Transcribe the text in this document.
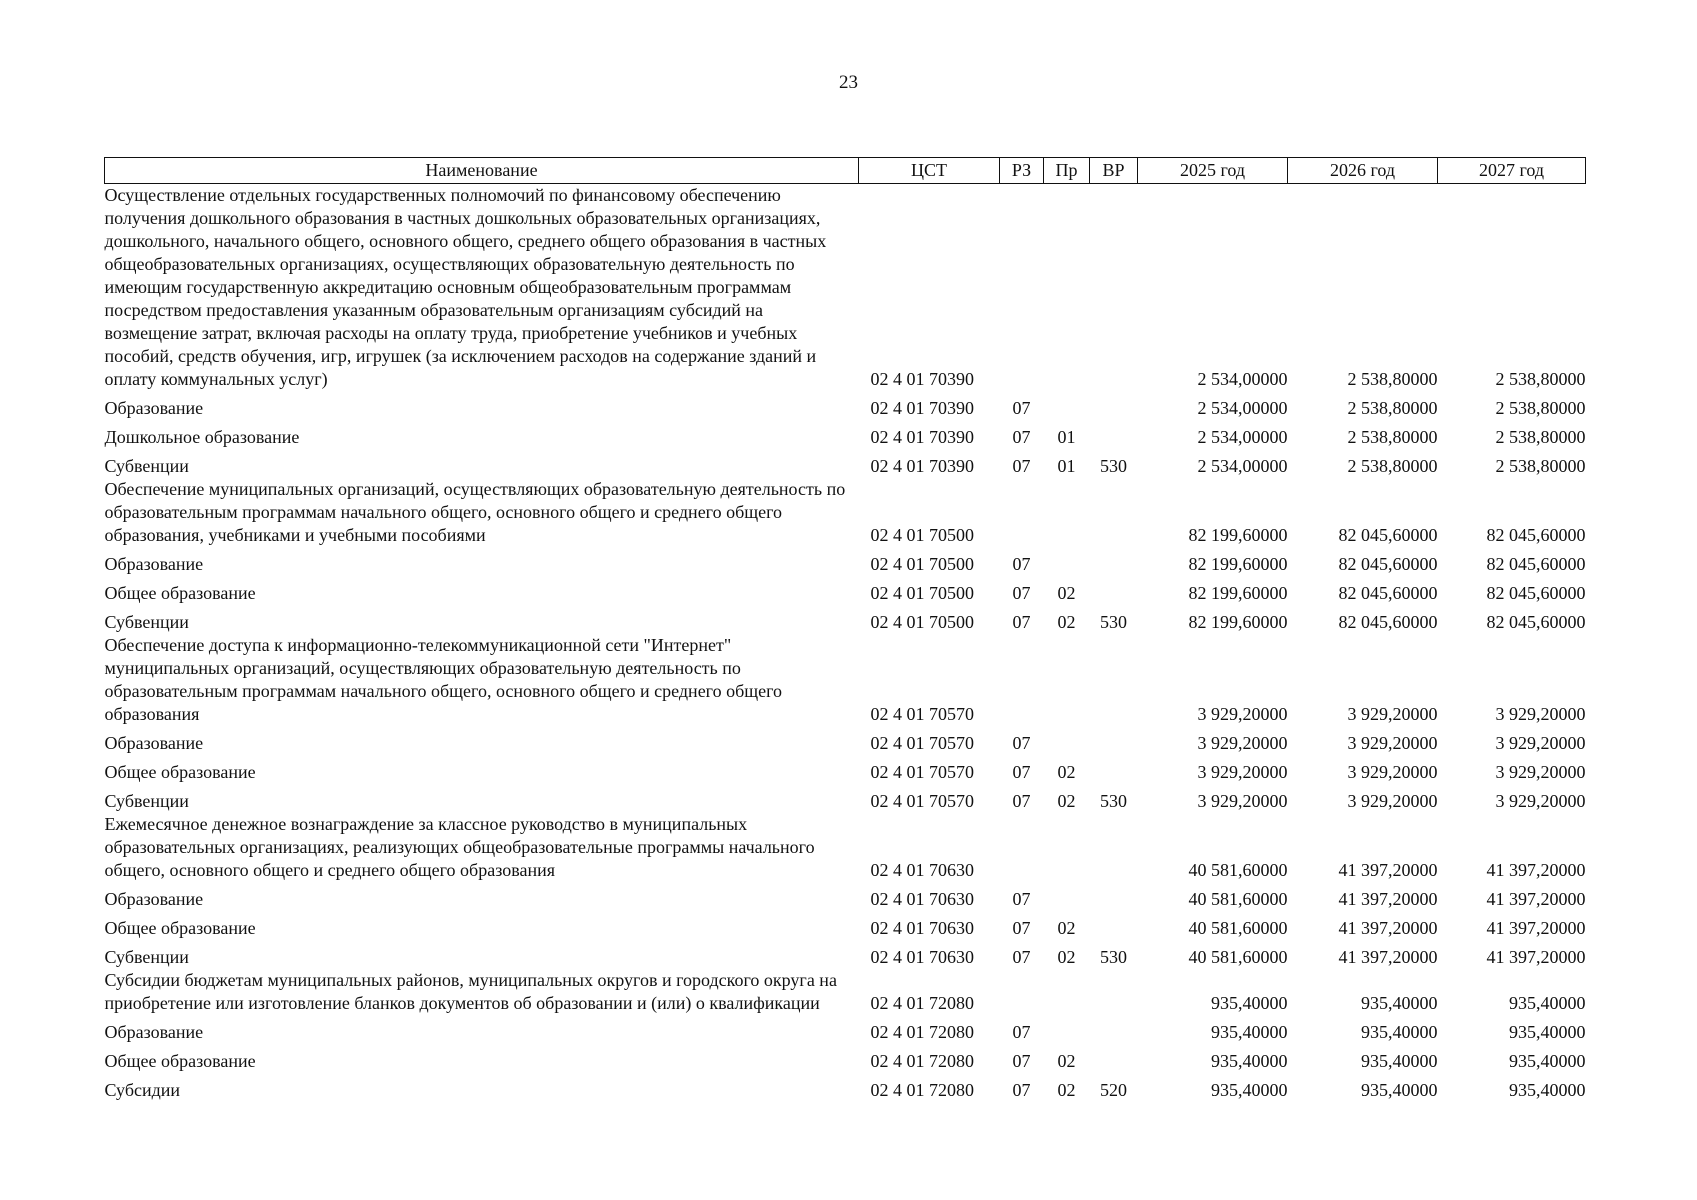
23
Наименование	ЦСТ	РЗ	Пр	ВР	2025 год	2026 год	2027 год
Осуществление отдельных государственных полномочий по финансовому обеспечению получения дошкольного образования в частных дошкольных образовательных организациях, дошкольного, начального общего, основного общего, среднего общего образования в частных общеобразовательных организациях, осуществляющих образовательную деятельность по имеющим государственную аккредитацию основным общеобразовательным программам посредством предоставления указанным образовательным организациям субсидий на возмещение затрат, включая расходы на оплату труда, приобретение учебников и учебных пособий, средств обучения, игр, игрушек (за исключением расходов на содержание зданий и оплату коммунальных услуг)	02 4 01 70390				2 534,00000	2 538,80000	2 538,80000
Образование	02 4 01 70390	07			2 534,00000	2 538,80000	2 538,80000
Дошкольное образование	02 4 01 70390	07	01		2 534,00000	2 538,80000	2 538,80000
Субвенции	02 4 01 70390	07	01	530	2 534,00000	2 538,80000	2 538,80000
Обеспечение муниципальных организаций, осуществляющих образовательную деятельность по образовательным программам начального общего, основного общего и среднего общего образования, учебниками и учебными пособиями	02 4 01 70500				82 199,60000	82 045,60000	82 045,60000
Образование	02 4 01 70500	07			82 199,60000	82 045,60000	82 045,60000
Общее образование	02 4 01 70500	07	02		82 199,60000	82 045,60000	82 045,60000
Субвенции	02 4 01 70500	07	02	530	82 199,60000	82 045,60000	82 045,60000
Обеспечение доступа к информационно-телекоммуникационной сети "Интернет" муниципальных организаций, осуществляющих образовательную деятельность по образовательным программам начального общего, основного общего и среднего общего образования	02 4 01 70570				3 929,20000	3 929,20000	3 929,20000
Образование	02 4 01 70570	07			3 929,20000	3 929,20000	3 929,20000
Общее образование	02 4 01 70570	07	02		3 929,20000	3 929,20000	3 929,20000
Субвенции	02 4 01 70570	07	02	530	3 929,20000	3 929,20000	3 929,20000
Ежемесячное денежное вознаграждение за классное руководство в муниципальных образовательных организациях, реализующих общеобразовательные программы начального общего, основного общего и среднего общего образования	02 4 01 70630				40 581,60000	41 397,20000	41 397,20000
Образование	02 4 01 70630	07			40 581,60000	41 397,20000	41 397,20000
Общее образование	02 4 01 70630	07	02		40 581,60000	41 397,20000	41 397,20000
Субвенции	02 4 01 70630	07	02	530	40 581,60000	41 397,20000	41 397,20000
Субсидии бюджетам муниципальных районов, муниципальных округов и городского округа на приобретение или изготовление бланков документов об образовании и (или) о квалификации	02 4 01 72080				935,40000	935,40000	935,40000
Образование	02 4 01 72080	07			935,40000	935,40000	935,40000
Общее образование	02 4 01 72080	07	02		935,40000	935,40000	935,40000
Субсидии	02 4 01 72080	07	02	520	935,40000	935,40000	935,40000
